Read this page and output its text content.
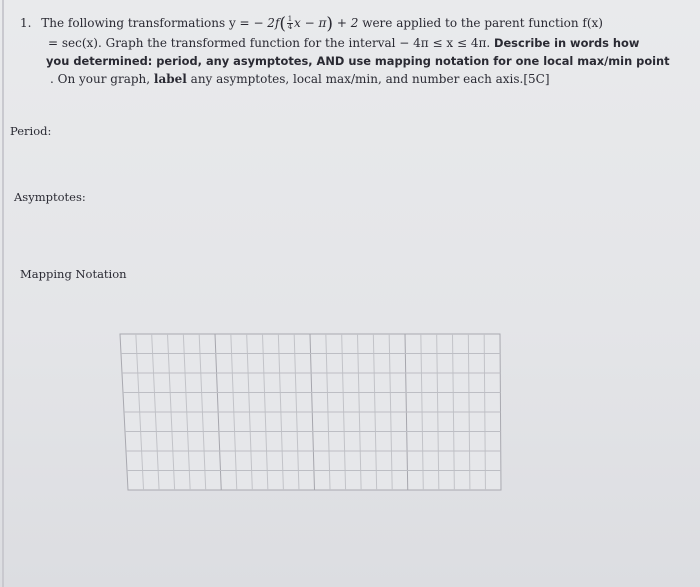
1. The following transformations y = − $2f( \frac{1}{4}$ x − π) + 2 were applied to the parent function f(x)
= sec(x). Graph the transformed function for the interval − 4π ≤ x ≤ 4π. Describe in words how
you determined: period, any asymptotes, AND use mapping notation for one local max/min point
. On your graph, label any asymptotes, local max/min, and number each axis.[5C]
Period:
Asymptotes:
Mapping Notation
